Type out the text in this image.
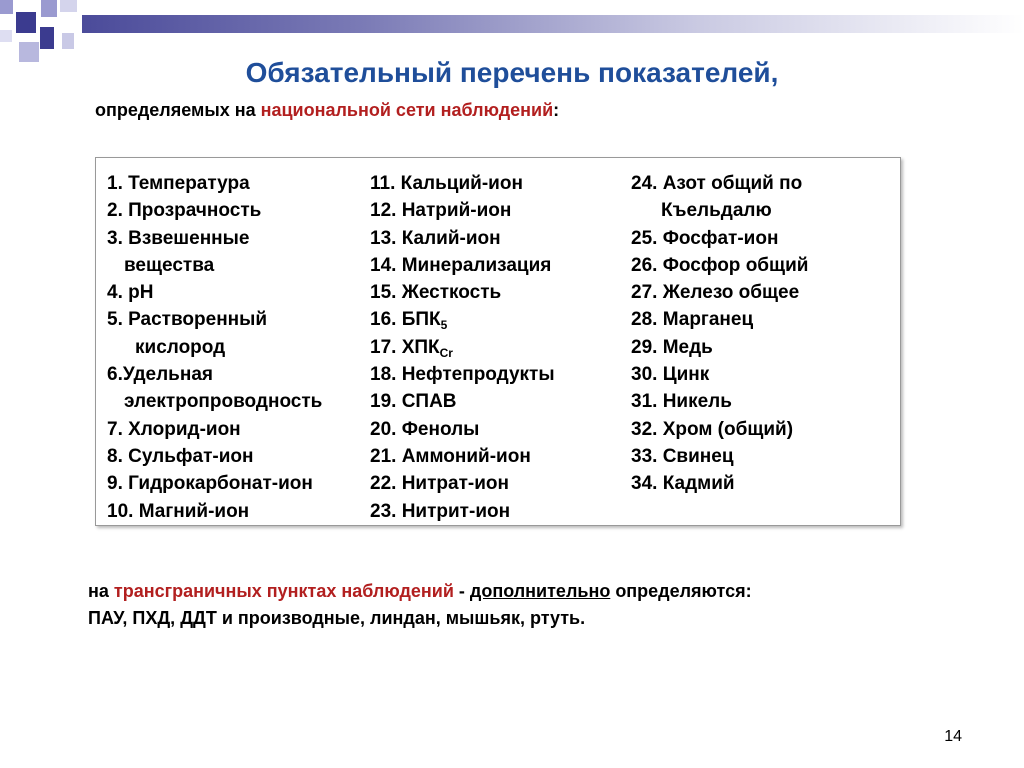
Обязательный перечень показателей,
определяемых на национальной сети наблюдений:
1. Температура
2. Прозрачность
3. Взвешенные
вещества
4. рН
5. Растворенный
кислород
6.Удельная
электропроводность
7. Хлорид-ион
8. Сульфат-ион
9. Гидрокарбонат-ион
10. Магний-ион
11. Кальций-ион
12. Натрий-ион
13. Калий-ион
14. Минерализация
15. Жесткость
16. $БПК_5$
17. $ХПК_{Cr}$
18. Нефтепродукты
19. СПАВ
20. Фенолы
21. Аммоний-ион
22. Нитрат-ион
23. Нитрит-ион
24. Азот общий по
Къельдалю
25. Фосфат-ион
26. Фосфор общий
27. Железо общее
28. Марганец
29. Медь
30. Цинк
31. Никель
32. Хром (общий)
33. Свинец
34. Кадмий
на трансграничных пунктах наблюдений - дополнительно определяются:
ПАУ, ПХД, ДДТ и производные, линдан, мышьяк, ртуть.
14
